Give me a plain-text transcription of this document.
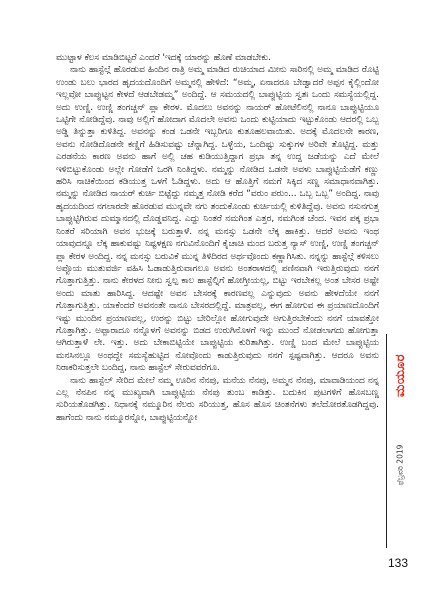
ಮುಟ್ಟಾಳ ಕೆಲಸ ಮಾಡಿಬಿಟ್ಟರೆ ಎಂದರೆ 'ಇದಕ್ಕೆ ಯಾರನ್ನು ಹೊಣೆ ಮಾಡಬೇಕು.

ನಾನು ಹಾಸ್ಟೆಲ್ಗೆ ಹೊರಡುವ ಹಿಂದಿನ ರಾತ್ರಿ ಅಮ್ಮ ಮಾಡಿದ ರುಚಿಯಾದ ಮೀನು ಸಾರಿನಲ್ಲಿ ಅಮ್ಮ ಮಾಡಿದ ರೊಟ್ಟಿ ಉಂಡು ಬಲು ಭಾರದ ಹೃದಯದೊಂದಿಗೆ ಅಮ್ಮನಲ್ಲಿ ಹೇಳಿದೆ: “ಅಮ್ಮ, ಏನಾದರೂ ಬೇಡ್ವಾದರೆ ಅಪ್ಪನ ಕೈಲ್ಲಿಂದೋ ಇಲ್ಲವೋ ಬಾಪ್ಪುಟ್ಟನ ಕೇಳದೆ ಆಡಬೇಡಮ್ಮ” ಅಂದಿದ್ದೆ. ಆ ಸಮಯದಲ್ಲಿ ಬಾಪ್ಪುಟ್ಟಿಯ ಸ್ವತಃ ಒಂದು ಸಮಸ್ಯೆಯಲ್ಲಿದ್ದ. ಅದು ಉಣ್ಣಿ. ಉಣ್ಣಿ ತಂಗಚ್ಚನ್ ಪ್ಲಾ ಕೇರಳ. ಮೊದಲು ಅವನನ್ನು ನಾಯರ್ ಹೋಟೆಲಿನಲ್ಲಿ ನಾನೂ ಬಾಪ್ಪುಟ್ಟಿಯೂ ಒಟ್ಟಿಗೇ ನೋಡಿದ್ದೆವು. ನಾವು ಅಲ್ಲಿಗೆ ಹೋದಾಗ ಮೊದಲೇ ಅವನು ಒಂದು ಕುಟ್ಟಿಯಾದು ಇಟ್ಟುಕೊಂಡು ಆದರಲ್ಲಿ ಒಬ್ಬ ಅಡ್ಡಿ ತಿನ್ನುತ್ತಾ ಕುಳಿತಿದ್ದ. ಅವನನ್ನು ಕಂಡ ಒಡನೇ ಇಬ್ಬರಿಗೂ ಕುತೂಹಲವಾಯಿತು. ಅದಕ್ಕೆ ಮೊದಲನೇ ಕಾರಣ, ಅವನು ನೋಡಿದೊಡನೇ ಕಣ್ಣಿಗೆ ಹಿಡಿಸುವಷ್ಟು ಚೆನ್ನಾಗಿದ್ದ. ಒಳ್ಳೆಯ, ಒಂದಿಷ್ಟು ಸುಕ್ಕುಗಳ ಅರಿವೇ ತೊಟ್ಟಿದ್ದ. ಮತ್ತು ಎರಡನೆಯ ಕಾರಣ ಅವನು ಹಾಗೆ ಅಲ್ಲಿ ಚಹ ಕುಡಿಯುತ್ತಿದ್ದಾಗ ಪ್ರಭಾ ತನ್ನ ಉದ್ದ ಜಡೆಯನ್ನು ಎದೆ ಮೇಲೆ ಇಳಿಬಿಟ್ಟುಕೊಂಡು ಅಲ್ಲೇ ಗೋಡೆಗೆ ಒರಗಿ ನಿಂತಿದ್ದಳು. ನಮ್ಮನ್ನು ನೋಡಿದ ಒಡನೇ ಅವಳು ಬಾಪ್ಪುಟ್ಟಿಯೆಡೆಗೆ ಕಣ್ಣು ಹರಿಸಿ ನಾಚಿಕೆಯಿಂದ ಕಡಿಯುತ್ತ ಒಳಗೆ ಓಡಿದ್ದಳು. ಅದು ಆ ಹೊತ್ತಿಗೆ ನಮಗೆ ಸಿಕ್ಕಿದ ಸಣ್ಣ ಸಮಾಧಾನವಾಗಿತ್ತು. ನಮ್ಮನ್ನು ನೋಡಿದ ನಾಯರ್ ಕುರ್ಚಿ ಬಿಟ್ಟೆದ್ದು ನಮ್ಮತ್ತ ನೋಡಿ ಕರೆದ “ವರುಂ ಪರುಂ... ಒಬ್ಬ ಒಬ್ಬ” ಅಂದಿದ್ದ. ನಾವು ಹೃದಯದಿಂದ ನಗಲಾರದೇ ಹೊರಡುವ ಮುನ್ನವೇ ನಗು ತಂದುಕೊಂಡು ಕುರ್ಚಿಯಲ್ಲಿ ಕುಳಿತಿದ್ದೆವು. ಅವನು ನಸುನಗುತ್ತ ಬಾಪ್ಪುಟ್ಟಿಗಿರುವ ದುಮ್ಮಾನದಲ್ಲಿ ದೊಡ್ಡವನಿದ್ದ. ಎದ್ದು ನಿಂತರೆ ನಮಗಿಂತ ಎತ್ತರ, ನಮಗಿಂತ ಚೆಂದ. ಇವನ ಪಕ್ಕ ಪ್ರಭಾ ನಿಂತರೆ ಸರಿಯಾಗಿ ಅವನ ಭುಜಕ್ಕೆ ಬರುತ್ತಾಳೆ. ನನ್ನ ಮನಸ್ಸು ಒಡನೇ ಲೆಕ್ಕ ಹಾಕಿತ್ತು. ಆದರೆ ಅವನು ಇಂಥ ಯಾವುದನ್ನೂ ಲೆಕ್ಕ ಹಾಕುವಷ್ಟು ನಿಷ್ಟಳಕ್ಷಣ ನಗುವಿನೊಂದಿಗೆ ಕೈಚಾಚಿ ಮಂದ ಬರುತ್ತ ನ್ಯಾಸ್ ಉಣ್ಣಿ, ಉಣ್ಣಿ ತಂಗಚ್ಚನ್ ಪ್ಲಾ ಕೇರಳ ಅಂದಿದ್ದ. ನನ್ನ ಮನಸ್ಸು ಬರುವಿಕೆ ಮುನ್ನ ತಿಳಿದಿರದ ಅರ್ಥವೊಂದು ಕಣ್ಣಾಗಿಸಿತು. ನನ್ನನ್ನು ಹಾಸ್ಟೆಲ್ಗೆ ಕಳಿಸಲು ಅಪ್ಪೊಯ ಮುತುವರ್ಜಿ ವಹಿಸಿ ಓಡಾಡುತ್ತಿರುವಾಗಲೂ ಅವನು ಅಂತರಾಳದಲ್ಲಿ ಪಣಿನವಾಗಿ ಇರುತ್ತಿರುವುದು ನನಗೆ ಗೊತ್ತಾಗುತ್ತಿತ್ತು. ನಾನು ಕೇರಳದ ನೀನು ಸ್ವಲ್ಪ ಕಾಲ ಹಾಸ್ಟೆಲ್ನಿಗೆ ಹೋಗ್ತೀಯಲ್ಲ, ಬಿಟ್ಟು ಇರಬೇಕಲ್ಲ ಅಂತ ಬೇಸರ ಅಷ್ಟೇ ಅಂದು ಮಾತು ಹಾರಿಸಿದ್ದ. ಆದಷ್ಟೇ ಅವನ ಬೇಸರಕ್ಕೆ ಕಾರಣವಲ್ಲ ಎನ್ನುವುದು ಅವನು ಹೇಳದೆಯೇ ನನಗೆ ಗೊತ್ತಾಗುತ್ತಿತ್ತು. ಯಾಕೆಂದರೆ ಅವನಂತೇ ನಾನೂ ಬೇಸರದಲ್ಲಿದ್ದೆ. ಮಾತ್ರವಲ್ಲ, ಈಗ ಹೋಗುವ ಈ ಪ್ರಯಾಣದೊಂದಿಗೆ ಇಷ್ಟು ಮುಂದಿನ ಪ್ರಯಾಣವಲ್ಲ, ಉರನ್ನು ಬಿಟ್ಟು ಬೇರಿಲ್ಲೋ ಹೋಗುವುದೇ ಅಗುತ್ತಿರಬೇಕೆಂದು ನನಗೆ ಯಾವತ್ತೋ ಗೊತ್ತಾಗಿತ್ತು. ಅಪ್ಪಾರಾದೂ ನನ್ನೊಳಗೆ ಅವನನ್ನು ಬಿಡದ ಉರುಗಿನೊಳಗೆ ಇನ್ನು ಮುಂದೆ ನೋಡಲಾಗದು ಹೋಗುತ್ತಾ ಆಗಿರುತ್ತಾಳೆ ಲೇ. ಇತ್ತು. ಅದು ಬೇಕಾಬಿಟ್ಟಿಯೇ ಬಾಪ್ಪುಟ್ಟಿಯ ಕುರಿತಾಗಿತ್ತು. ಉಣ್ಣಿ ಬಂದ ಮೇಲೆ ಬಾಪ್ಪುಟ್ಟಿಯ ಮನಸಿನಲ್ಲೂ ಅಂಥದ್ದೇ ಸಮಸ್ಯೆಹುಟ್ಟಿದ ನೋವೊಂದು ಕಾಡುತ್ತಿರುವುದು ನನಗೆ ಸ್ಪಷ್ಟವಾಗಿತ್ತು. ಆದರೂ ಅವನು ನಿರಾಕರಿಸುತ್ತಲೇ ಬಂದಿದ್ದ, ನಾನು ಹಾಸ್ಟೆಲ್ ಸೇರುವವರೆಗೂ.

ನಾನು ಹಾಸ್ಟೆಲ್ ಸೇರಿದ ಮೇಲೆ ನಮ್ಮ ಊರಿನ ನೆನಪು, ಮನೆಯ ನೆನಪು, ಅಮ್ಮನ ನೆನಪು, ಮಾವಾಡಿಯಂದ ನನ್ನ ಎಲ್ಲ ನೆನಪಿನ ನನ್ನ ಮುಖ್ಯವಾಗಿ ಬಾಪ್ಪುಟ್ಟಿಯ ನೆನಪು ತುಂಬ ಕಾಡಿತ್ತು. ಬದುಕಿನ ಪುಟಗಳಿಗೆ ಹೊಸಬಣ್ಣ ಸುರಿಯತೊಡಗಿತ್ತು. ನಿಧಾನಕ್ಕೆ ನಮ್ಮೂರಿನ ನೆಲರು ಸರಿಯುತ್ತ, ಹೊಸ ಹೊಸ ಚಿಂತನೆಗಳು ತಲೆದೋರತೊಡಗಿದ್ದವು. ಹಾಗೆಂದು ನಾನು ನಮ್ಮೂರನ್ನೋ, ಬಾಪ್ಪುಟ್ಟಿಯನ್ನೋ

ಮಯೂರ
ಫೆಬ್ರವರಿ 2019
133
